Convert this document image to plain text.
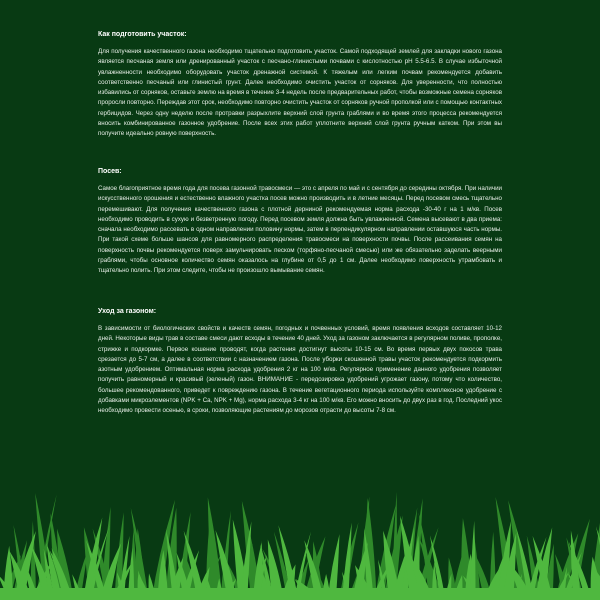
Как подготовить участок:

Для получения качественного газона необходимо тщательно подготовить участок. Самой подходящей землей для закладки нового газона является песчаная земля или дренированный участок с песчано-глинистыми почвами с кислотностью pH 5.5-6.5. В случае избыточной увлажненности необходимо оборудовать участок дренажной системой. К тяжелым или легким почвам рекомендуется добавить соответственно песчаный или глинистый грунт. Далее необходимо очистить участок от сорняков. Для уверенности, что полностью избавились от сорняков, оставьте землю на время в течение 3-4 недель после предварительных работ, чтобы возможные семена сорняков проросли повторно. Переждав этот срок, необходимо повторно очистить участок от сорняков ручной прополкой или с помощью контактных гербицидов. Через одну неделю после протравки разрыхлите верхний слой грунта граблями и во время этого процесса рекомендуется вносить комбинированное газонное удобрение. После всех этих работ уплотните верхний слой грунта ручным катком. При этом вы получите идеально ровную поверхность.

Посев:

Самое благоприятное время года для посева газонной травосмеси — это с апреля по май и с сентября до середины октября. При наличии искусственного орошения и естественно влажного участка посев можно производить и в летние месяцы. Перед посевом смесь тщательно перемешивают. Для получения качественного газона с плотной дерниной рекомендуемая норма расхода -30-40 г на 1 м/кв. Посев необходимо проводить в сухую и безветренную погоду. Перед посевом земля должна быть увлажненной. Семена высевают в два приема: сначала необходимо рассевать в одном направлении половину нормы, затем в перпендикулярном направлении оставшуюся часть нормы. При такой схеме больше шансов для равномерного распределения травосмеси на поверхности почвы. После рассеивания семян на поверхность почвы рекомендуется поверх замульчировать песком (торфяно-песчаной смесью) или же обязательно заделать веерными граблями, чтобы основное количество семян оказалось на глубине от 0,5 до 1 см. Далее необходимо поверхность утрамбовать и тщательно полить. При этом следите, чтобы не произошло вымывание семян.

Уход за газоном:

В зависимости от биологических свойств и качеств семян, погодных и почвенных условий, время появления всходов составляет 10-12 дней. Некоторые виды трав в составе смеси дают всходы в течение 40 дней. Уход за газоном заключается в регулярном поливе, прополке, стрижке и подкормке. Первое кошение проводят, когда растения достигнут высоты 10-15 см. Во время первых двух покосов трава срезается до 5-7 см, а далее в соответствии с назначением газона. После уборки скошенной травы участок рекомендуется подкормить азотным удобрением. Оптимальная норма расхода удобрения 2 кг на 100 м/кв. Регулярное применение данного удобрения позволяет получить равномерный и красивый (зеленый) газон. ВНИМАНИЕ - передозировка удобрений угрожает газону, потому что количество, большее рекомендованного, приведет к повреждению газона. В течение вегетационного периода используйте комплексное удобрение с добавками микроэлементов (NPK + Ca, NPK + Mg), норма расхода 3-4 кг на 100 м/кв. Его можно вносить до двух раз в год. Последний укос необходимо провести осенью, в сроки, позволяющие растениям до морозов отрасти до высоты 7-8 см.
